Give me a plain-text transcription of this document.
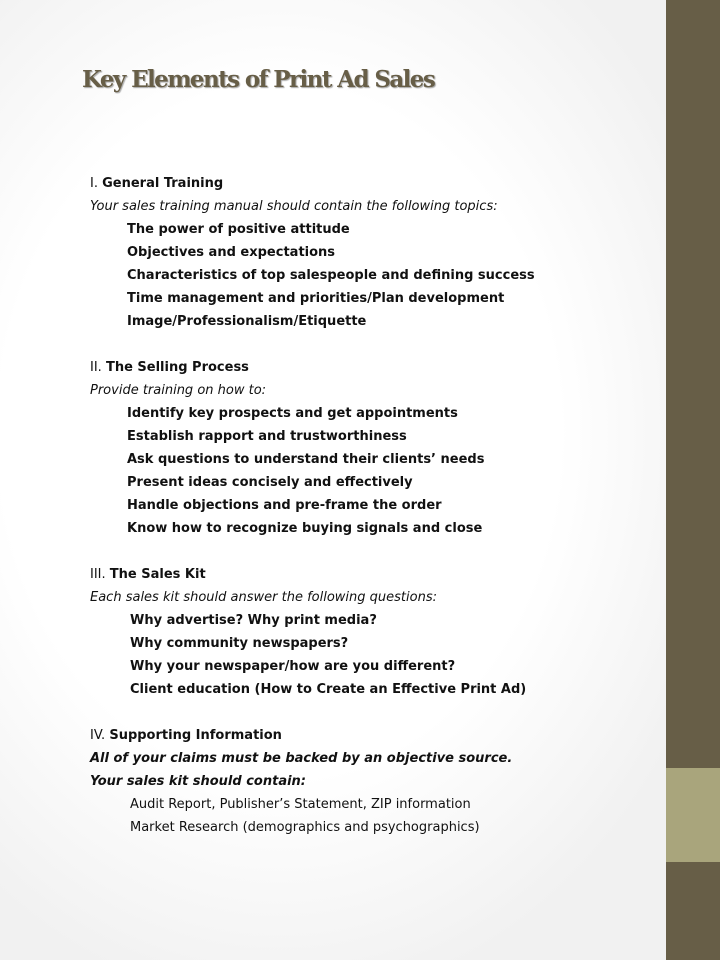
Key Elements of Print Ad Sales
I. General Training
Your sales training manual should contain the following topics:
The power of positive attitude
Objectives and expectations
Characteristics of top salespeople and defining success
Time management and priorities/Plan development
Image/Professionalism/Etiquette
II. The Selling Process
Provide training on how to:
Identify key prospects and get appointments
Establish rapport and trustworthiness
Ask questions to understand their clients’ needs
Present ideas concisely and effectively
Handle objections and pre-frame the order
Know how to recognize buying signals and close
III. The Sales Kit
Each sales kit should answer the following questions:
Why advertise? Why print media?
Why community newspapers?
Why your newspaper/how are you different?
Client education (How to Create an Effective Print Ad)
IV. Supporting Information
All of your claims must be backed by an objective source.
Your sales kit should contain:
Audit Report, Publisher’s Statement, ZIP information
Market Research (demographics and psychographics)
